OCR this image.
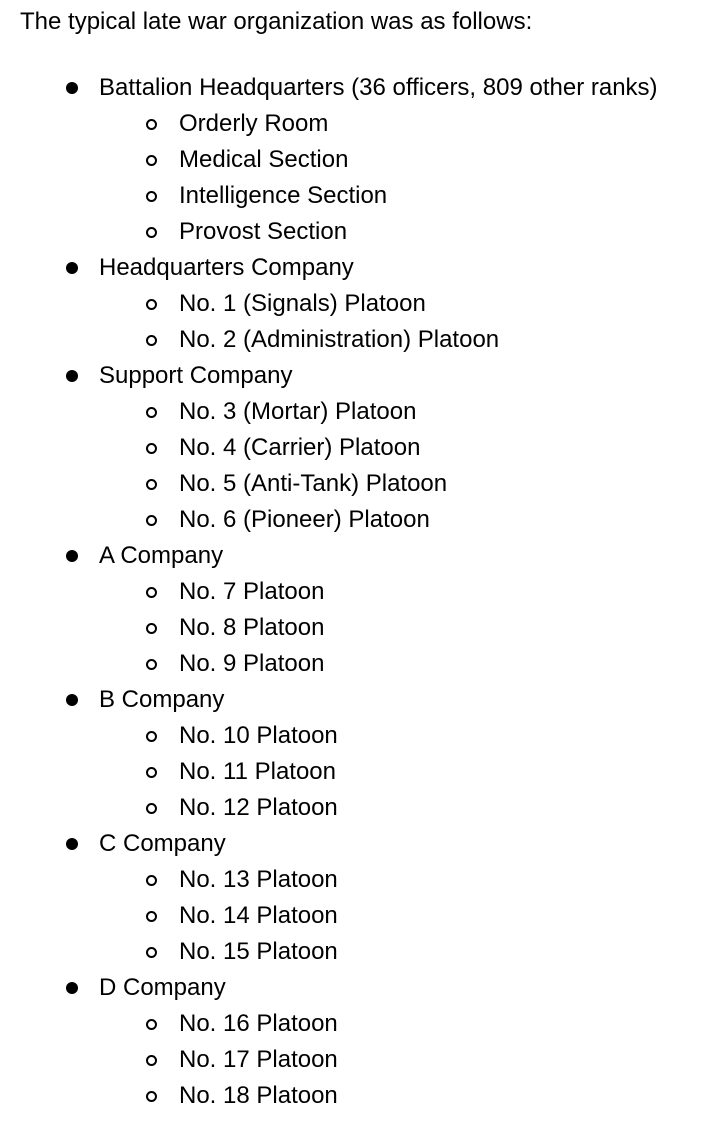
The typical late war organization was as follows:

Battalion Headquarters (36 officers, 809 other ranks)
Orderly Room
Medical Section
Intelligence Section
Provost Section
Headquarters Company
No. 1 (Signals) Platoon
No. 2 (Administration) Platoon
Support Company
No. 3 (Mortar) Platoon
No. 4 (Carrier) Platoon
No. 5 (Anti-Tank) Platoon
No. 6 (Pioneer) Platoon
A Company
No. 7 Platoon
No. 8 Platoon
No. 9 Platoon
B Company
No. 10 Platoon
No. 11 Platoon
No. 12 Platoon
C Company
No. 13 Platoon
No. 14 Platoon
No. 15 Platoon
D Company
No. 16 Platoon
No. 17 Platoon
No. 18 Platoon
